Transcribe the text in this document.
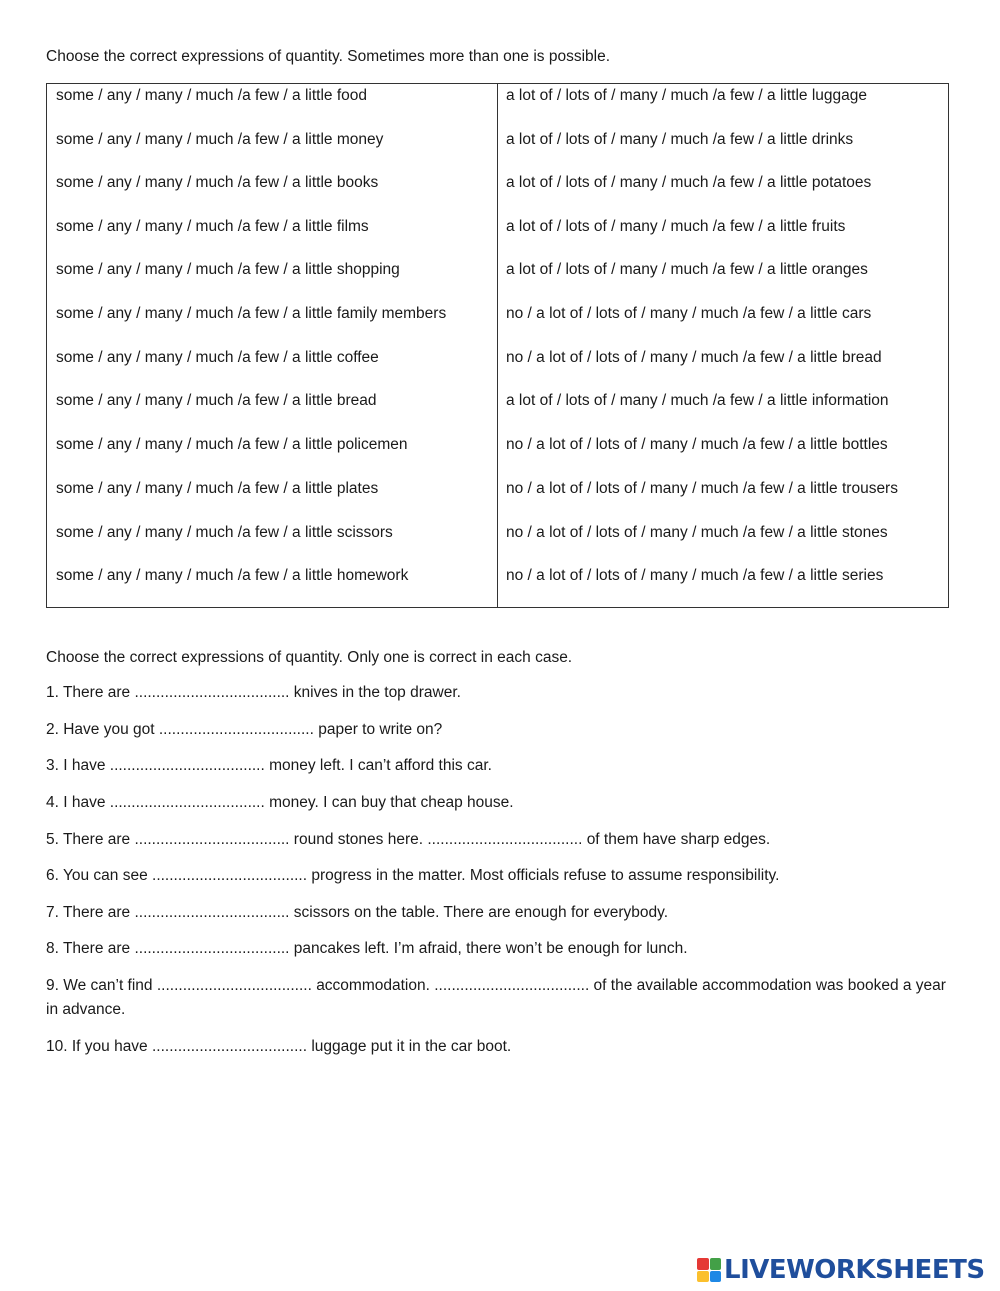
Choose the correct expressions of quantity. Sometimes more than one is possible.
some / any / many / much /a few / a little food
some / any / many / much /a few / a little money
some / any / many / much /a few / a little books
some / any / many / much /a few / a little films
some / any / many / much /a few / a little shopping
some / any / many / much /a few / a little family members
some / any / many / much /a few / a little coffee
some / any / many / much /a few / a little bread
some / any / many / much /a few / a little policemen
some / any / many / much /a few / a little plates
some / any / many / much /a few / a little scissors
some / any / many / much /a few / a little homework
a lot of / lots of / many / much /a few / a little luggage
a lot of / lots of / many / much /a few / a little drinks
a lot of / lots of / many / much /a few / a little potatoes
a lot of / lots of / many / much /a few / a little fruits
a lot of / lots of / many / much /a few / a little oranges
no / a lot of / lots of / many / much /a few / a little cars
no / a lot of / lots of / many / much /a few / a little bread
a lot of / lots of / many / much /a few / a little information
no / a lot of / lots of / many / much /a few / a little bottles
no / a lot of / lots of / many / much /a few / a little trousers
no / a lot of / lots of / many / much /a few / a little stones
no / a lot of / lots of / many / much /a few / a little series
Choose the correct expressions of quantity. Only one is correct in each case.
1. There are .................................... knives in the top drawer.
2. Have you got .................................... paper to write on?
3. I have .................................... money left. I can’t afford this car.
4. I have .................................... money. I can buy that cheap house.
5. There are .................................... round stones here. .................................... of them have sharp edges.
6. You can see .................................... progress in the matter. Most officials refuse to assume responsibility.
7. There are .................................... scissors on the table. There are enough for everybody.
8. There are .................................... pancakes left. I’m afraid, there won’t be enough for lunch.
9. We can’t find .................................... accommodation. .................................... of the available accommodation was booked a year in advance.
10. If you have .................................... luggage put it in the car boot.
LIVEWORKSHEETS
